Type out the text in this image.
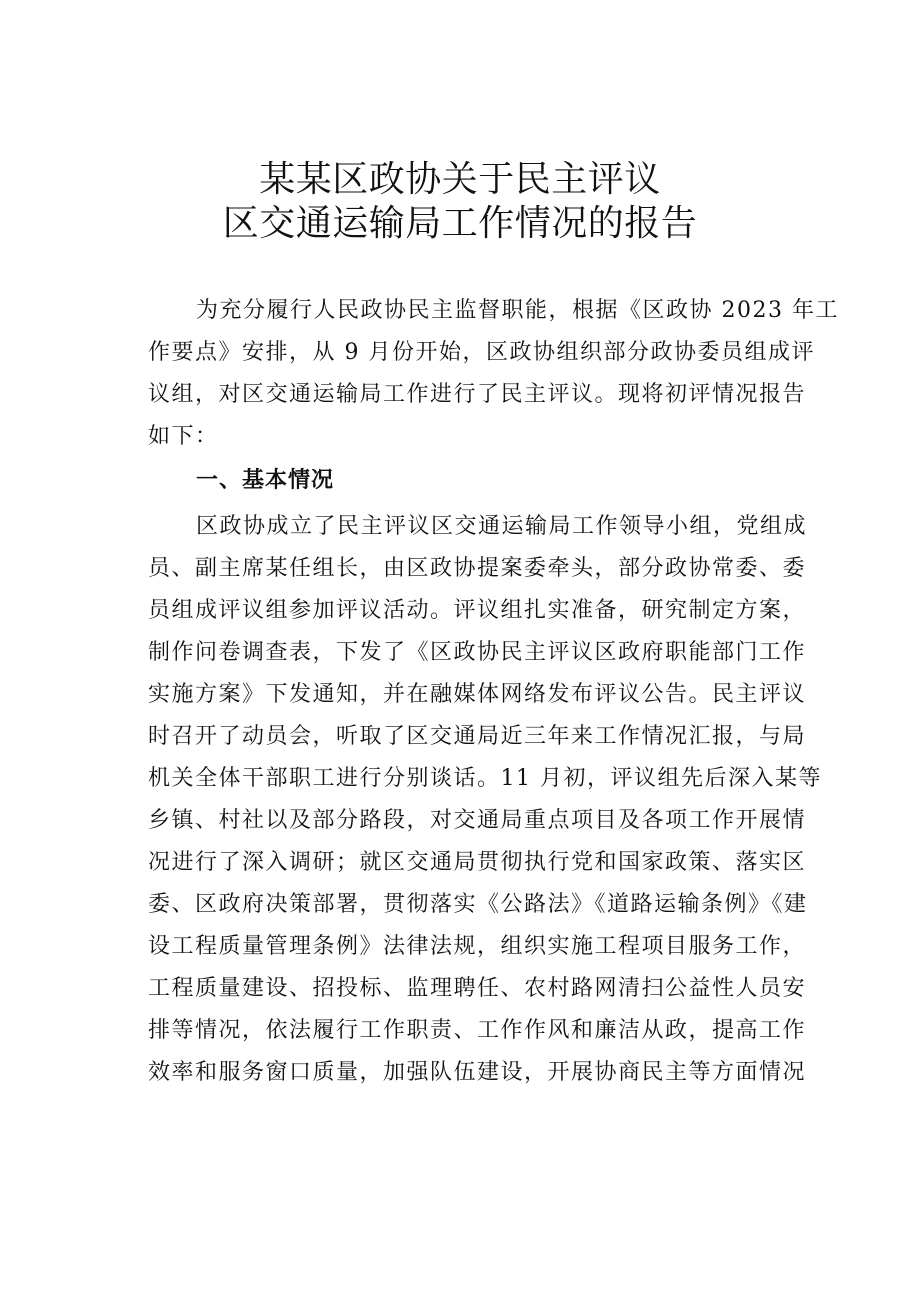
某某区政协关于民主评议
区交通运输局工作情况的报告
为充分履行人民政协民主监督职能，根据《区政协 2023 年工
作要点》安排，从 9 月份开始，区政协组织部分政协委员组成评
议组，对区交通运输局工作进行了民主评议。现将初评情况报告
如下：
一、基本情况
区政协成立了民主评议区交通运输局工作领导小组，党组成
员、副主席某任组长，由区政协提案委牵头，部分政协常委、委
员组成评议组参加评议活动。评议组扎实准备，研究制定方案，
制作问卷调查表，下发了《区政协民主评议区政府职能部门工作
实施方案》下发通知，并在融媒体网络发布评议公告。民主评议
时召开了动员会，听取了区交通局近三年来工作情况汇报，与局
机关全体干部职工进行分别谈话。11 月初，评议组先后深入某等
乡镇、村社以及部分路段，对交通局重点项目及各项工作开展情
况进行了深入调研；就区交通局贯彻执行党和国家政策、落实区
委、区政府决策部署，贯彻落实《公路法》《道路运输条例》《建
设工程质量管理条例》法律法规，组织实施工程项目服务工作，
工程质量建设、招投标、监理聘任、农村路网清扫公益性人员安
排等情况，依法履行工作职责、工作作风和廉洁从政，提高工作
效率和服务窗口质量，加强队伍建设，开展协商民主等方面情况
